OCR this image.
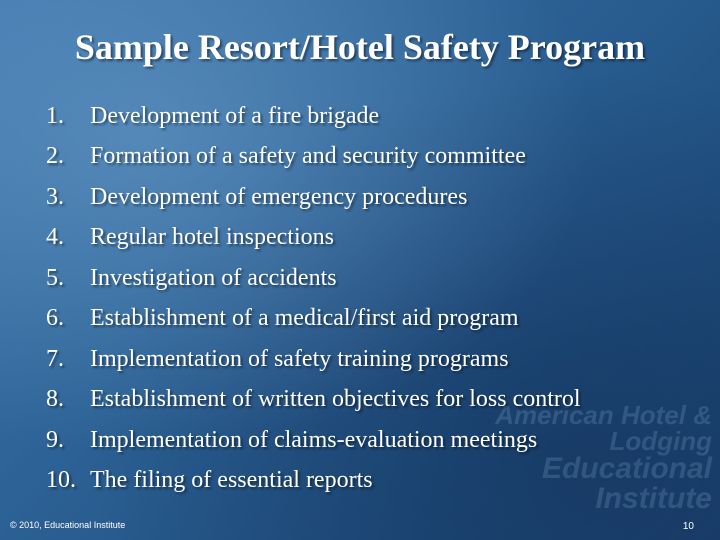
American Hotel &
Lodging
Educational Institute
Sample Resort/Hotel Safety Program
1.	Development of a fire brigade
2.	Formation of a safety and security committee
3.	Development of emergency procedures
4.	Regular hotel inspections
5.	Investigation of accidents
6.	Establishment of a medical/first aid program
7.	Implementation of safety training programs
8.	Establishment of written objectives for loss control
9.	Implementation of claims-evaluation meetings
10. The filing of essential reports
© 2010, Educational Institute	10
